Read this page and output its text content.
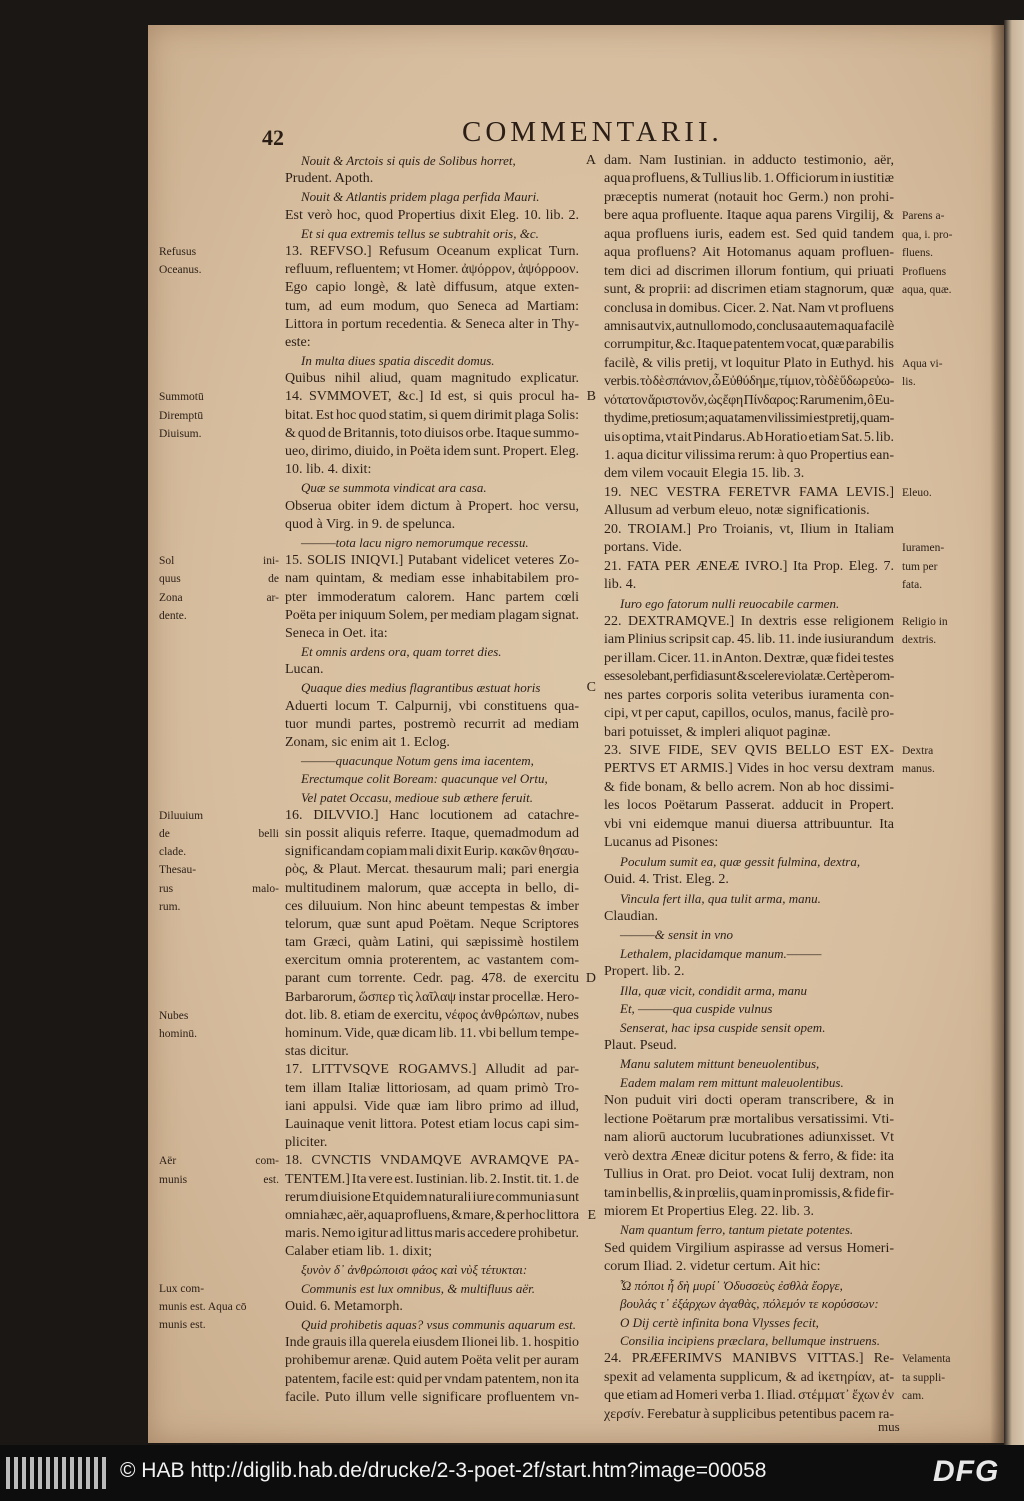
42	COMMENTARII.
Nouit & Arctois si quis de Solibus horret,	A
Prudent. Apoth.
Nouit & Atlantis pridem plaga perfida Mauri.
Est verò hoc, quod Propertius dixit Eleg. 10. lib. 2.
Et si qua extremis tellus se subtrahit oris, &c.
13. REFVSO.] Refusum Oceanum explicat Turn.
Refusus
refluum, refluentem; vt Homer. ἀψόρρον, ἀψόρροον.
Oceanus.
Ego capio longè, & latè diffusum, atque exten-
tum, ad eum modum, quo Seneca ad Martiam:
Littora in portum recedentia. & Seneca alter in Thy-
este:
In multa diues spatia discedit domus.
Quibus nihil aliud, quam magnitudo explicatur.
14. SVMMOVET, &c.] Id est, si quis procul ha-
Summotū	B
bitat. Est hoc quod statim, si quem dirimit plaga Solis:
Diremptū
& quod de Britannis, toto diuisos orbe. Itaque summo-
Diuisum.
ueo, dirimo, diuido, in Poëta idem sunt. Propert. Eleg.
10. lib. 4. dixit:
Quæ se summota vindicat ara casa.
Obserua obiter idem dictum à Propert. hoc versu,
quod à Virg. in 9. de spelunca.
———tota lacu nigro nemorumque recessu.
15. SOLIS INIQVI.] Putabant videlicet veteres Zo-
Sol ini-
nam quintam, & mediam esse inhabitabilem pro-
quus de
pter immoderatum calorem. Hanc partem cœli
Zona ar-
Poëta per iniquum Solem, per mediam plagam signat.
dente.
Seneca in Oet. ita:
Et omnis ardens ora, quam torret dies.
Lucan.
Quaque dies medius flagrantibus æstuat horis	C
Aduerti locum T. Calpurnij, vbi constituens qua-
tuor mundi partes, postremò recurrit ad mediam
Zonam, sic enim ait 1. Eclog.
———quacunque Notum gens ima iacentem,
Erectumque colit Boream: quacunque vel Ortu,
Vel patet Occasu, medioue sub æthere feruit.
16. DILVVIO.] Hanc locutionem ad catachre-
Diluuium
sin possit aliquis referre. Itaque, quemadmodum ad
de belli
significandam copiam mali dixit Eurip. κακῶν θησαυ-
clade.
ρὸς, & Plaut. Mercat. thesaurum mali; pari energia
Thesau-
multitudinem malorum, quæ accepta in bello, di-
rus malo-
ces diluuium. Non hinc abeunt tempestas & imber
rum.
telorum, quæ sunt apud Poëtam. Neque Scriptores
tam Græci, quàm Latini, qui sæpissimè hostilem
exercitum omnia proterentem, ac vastantem com-
parant cum torrente. Cedr. pag. 478. de exercitu D
Barbarorum, ὥσπερ τὶς λαῖλαψ instar procellæ. Hero-
dot. lib. 8. etiam de exercitu, νέφος ἀνθρώπων, nubes
Nubes
hominum. Vide, quæ dicam lib. 11. vbi bellum tempe-
hominū.
stas dicitur.
17. LITTVSQVE ROGAMVS.] Alludit ad par-
tem illam Italiæ littoriosam, ad quam primò Tro-
iani appulsi. Vide quæ iam libro primo ad illud,
Lauinaque venit littora. Potest etiam locus capi sim-
pliciter.
18. CVNCTIS VNDAMQVE AVRAMQVE PA-
Aër com-
TENTEM.] Ita vere est. Iustinian. lib. 2. Instit. tit. 1. de
munis est.
rerum diuisione Et quidem naturali iure communia sunt
omnia hæc, aër, aqua profluens, & mare, & per hoc littora E
maris. Nemo igitur ad littus maris accedere prohibetur.
Calaber etiam lib. 1. dixit;
ξυνὸν δ᾽ ἀνθρώποισι φάος καὶ νὺξ τέτυκται:
Communis est lux omnibus, & multifluus aër.
Lux com-
Ouid. 6. Metamorph.
munis est. Aqua cō
Quid prohibetis aquas? vsus communis aquarum est.
munis est.
Inde grauis illa querela eiusdem Ilionei lib. 1. hospitio
prohibemur arenæ. Quid autem Poëta velit per auram
patentem, facile est: quid per vndam patentem, non ita
facile. Puto illum velle significare profluentem vn-
dam. Nam Iustinian. in adducto testimonio, aër,
aqua profluens, & Tullius lib. 1. Officiorum in iustitiæ
præceptis numerat (notauit hoc Germ.) non prohi-
bere aqua profluente. Itaque aqua parens Virgilij, & Parens a-
aqua profluens iuris, eadem est. Sed quid tandem qua, i. pro-
aqua profluens? Ait Hotomanus aquam profluen- fluens.
tem dici ad discrimen illorum fontium, qui priuati Profluens
sunt, & proprii: ad discrimen etiam stagnorum, quæ aqua, quæ.
conclusa in domibus. Cicer. 2. Nat. Nam vt profluens
amnis aut vix, aut nullo modo, conclusa autem aqua facilè
corrumpitur, &c. Itaque patentem vocat, quæ parabilis
facilè, & vilis pretij, vt loquitur Plato in Euthyd. his Aqua vi-
verbis. τὸ δὲ σπάνιον, ὦ Εὐθύδημε, τίμιον, τὸ δὲ ὕδωρ εὐω- lis.
νότατον ἄριστον ὄν, ὡς ἔφη Πίνδαρος: Rarum enim, ô Eu-
thydime, pretiosum; aqua tamen vilissimi est pretij, quam-
uis optima, vt ait Pindarus. Ab Horatio etiam Sat. 5. lib.
1. aqua dicitur vilissima rerum: à quo Propertius ean-
dem vilem vocauit Elegia 15. lib. 3.
19. NEC VESTRA FERETVR FAMA LEVIS.] Eleuo.
Allusum ad verbum eleuo, notæ significationis.
20. TROIAM.] Pro Troianis, vt, Ilium in Italiam
portans. Vide.	Iuramen-
21. FATA PER ÆNEÆ IVRO.] Ita Prop. Eleg. 7. tum per
lib. 4.	fata.
Iuro ego fatorum nulli reuocabile carmen.
22. DEXTRAMQVE.] In dextris esse religionem Religio in
iam Plinius scripsit cap. 45. lib. 11. inde iusiurandum dextris.
per illam. Cicer. 11. in Anton. Dextræ, quæ fidei testes
esse solebant, perfidia sunt & scelere violatæ. Certè per om-
nes partes corporis solita veteribus iuramenta con-
cipi, vt per caput, capillos, oculos, manus, facilè pro-
bari potuisset, & impleri aliquot paginæ.
23. SIVE FIDE, SEV QVIS BELLO EST EX- Dextra
PERTVS ET ARMIS.] Vides in hoc versu dextram manus.
& fide bonam, & bello acrem. Non ab hoc dissimi-
les locos Poëtarum Passerat. adducit in Propert.
vbi vni eidemque manui diuersa attribuuntur. Ita
Lucanus ad Pisones:
Poculum sumit ea, quæ gessit fulmina, dextra,
Ouid. 4. Trist. Eleg. 2.
Vincula fert illa, qua tulit arma, manu.
Claudian.
———& sensit in vno
Lethalem, placidamque manum.———
Propert. lib. 2.
Illa, quæ vicit, condidit arma, manu
Et, ———qua cuspide vulnus
Senserat, hac ipsa cuspide sensit opem.
Plaut. Pseud.
Manu salutem mittunt beneuolentibus,
Eadem malam rem mittunt maleuolentibus.
Non puduit viri docti operam transcribere, & in
lectione Poëtarum præ mortalibus versatissimi. Vti-
nam aliorū auctorum lucubrationes adiunxisset. Vt
verò dextra Æneæ dicitur potens & ferro, & fide: ita
Tullius in Orat. pro Deiot. vocat Iulij dextram, non
tam in bellis, & in prœliis, quam in promissis, & fide fir-
miorem Et Propertius Eleg. 22. lib. 3.
Nam quantum ferro, tantum pietate potentes.
Sed quidem Virgilium aspirasse ad versus Homeri-
corum Iliad. 2. videtur certum. Ait hic:
Ὦ πόποι ἦ δὴ μυρί᾽ Ὀδυσσεὺς ἐσθλὰ ἔοργε,
βουλάς τ᾽ ἐξάρχων ἀγαθὰς, πόλεμόν τε κορύσσων:
O Dij certè infinita bona Vlysses fecit,
Consilia incipiens præclara, bellumque instruens.
24. PRÆFERIMVS MANIBVS VITTAS.] Re- Velamenta
spexit ad velamenta supplicum, & ad ἱκετηρίαν, at- ta suppli-
que etiam ad Homeri verba 1. Iliad. στέμματ᾽ ἔχων ἐν cam.
χερσίν. Ferebatur à supplicibus petentibus pacem ra-
mus
© HAB http://diglib.hab.de/drucke/2-3-poet-2f/start.htm?image=00058	DFG
